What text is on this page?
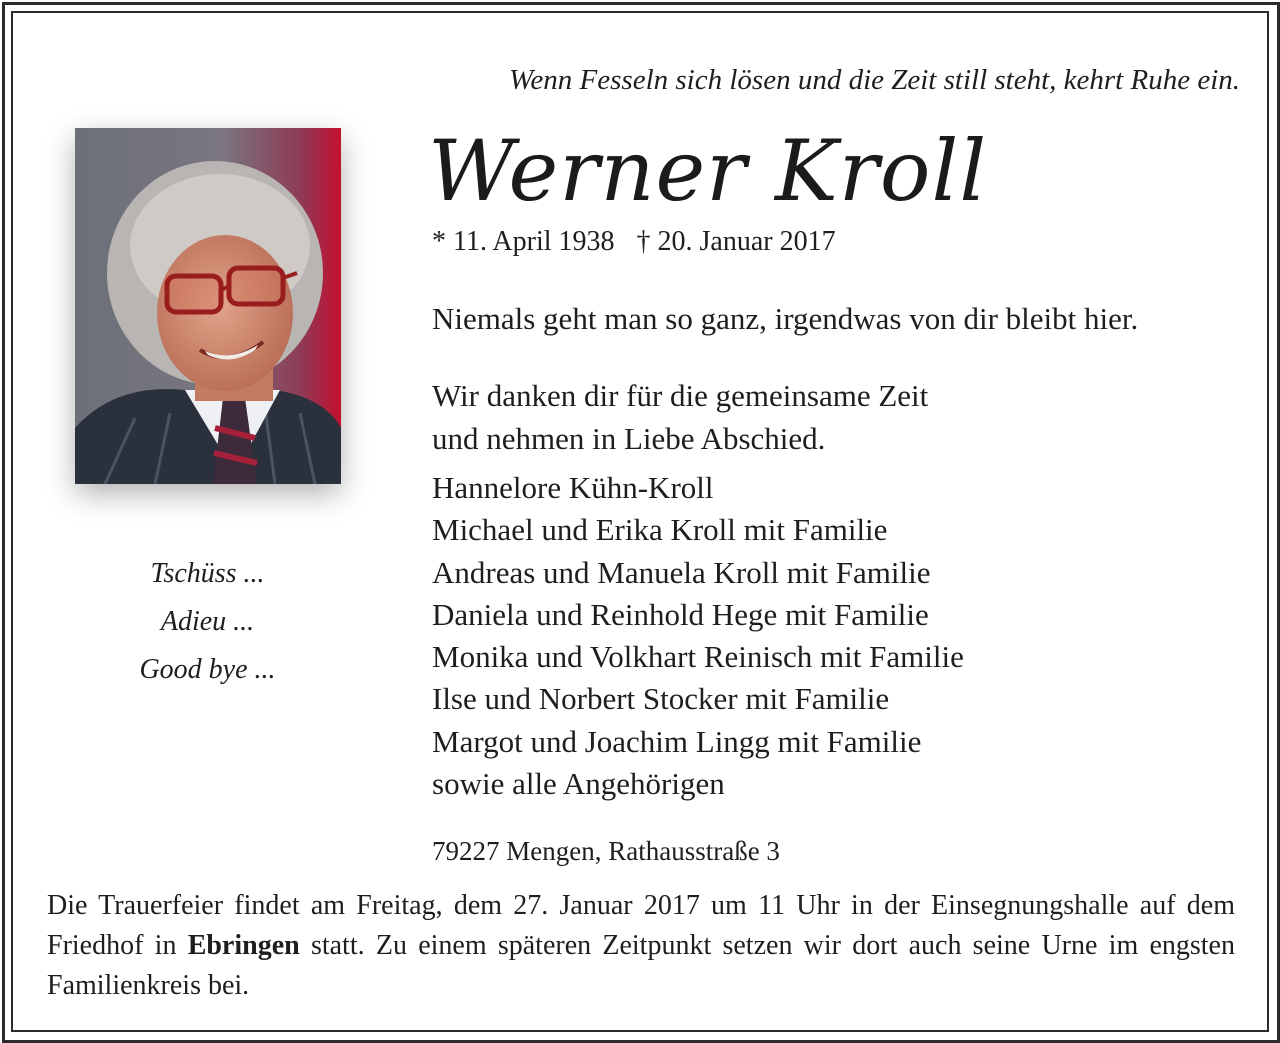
Wenn Fesseln sich lösen und die Zeit still steht, kehrt Ruhe ein.
Werner Kroll
* 11. April 1938 † 20. Januar 2017
Niemals geht man so ganz, irgendwas von dir bleibt hier.
Wir danken dir für die gemeinsame Zeit
und nehmen in Liebe Abschied.
Hannelore Kühn-Kroll
Michael und Erika Kroll mit Familie
Andreas und Manuela Kroll mit Familie
Daniela und Reinhold Hege mit Familie
Monika und Volkhart Reinisch mit Familie
Ilse und Norbert Stocker mit Familie
Margot und Joachim Lingg mit Familie
sowie alle Angehörigen
Tschüss ...
Adieu ...
Good bye ...
79227 Mengen, Rathausstraße 3
Die Trauerfeier findet am Freitag, dem 27. Januar 2017 um 11 Uhr in der Einsegnungshalle auf dem Friedhof in Ebringen statt. Zu einem späteren Zeitpunkt setzen wir dort auch seine Urne im engsten Familienkreis bei.
